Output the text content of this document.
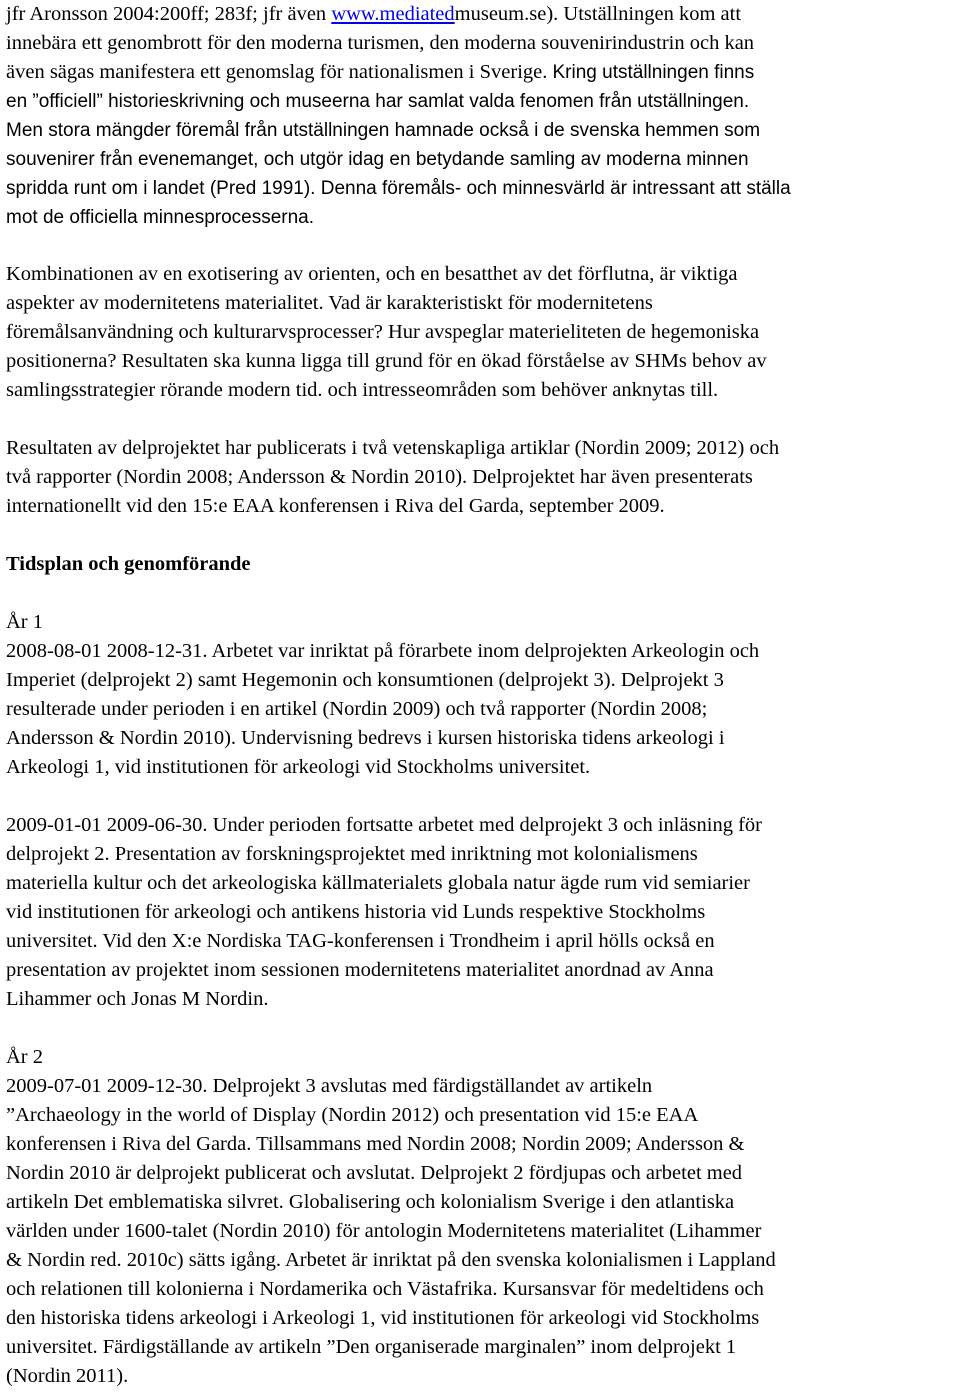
jfr Aronsson 2004:200ff; 283f; jfr även www.mediatedmuseum.se). Utställningen kom att

innebära ett genombrott för den moderna turismen, den moderna souvenirindustrin och kan

även sägas manifestera ett genomslag för nationalismen i Sverige. Kring utställningen finns

en ”officiell” historieskrivning och museerna har samlat valda fenomen från utställningen.

Men stora mängder föremål från utställningen hamnade också i de svenska hemmen som

souvenirer från evenemanget, och utgör idag en betydande samling av moderna minnen

spridda runt om i landet (Pred 1991). Denna föremåls- och minnesvärld är intressant att ställa

mot de officiella minnesprocesserna.

Kombinationen av en exotisering av orienten, och en besatthet av det förflutna, är viktiga

aspekter av modernitetens materialitet. Vad är karakteristiskt för modernitetens

föremålsanvändning och kulturarvsprocesser? Hur avspeglar materieliteten de hegemoniska

positionerna? Resultaten ska kunna ligga till grund för en ökad förståelse av SHMs behov av

samlingsstrategier rörande modern tid. och intresseområden som behöver anknytas till.

Resultaten av delprojektet har publicerats i två vetenskapliga artiklar (Nordin 2009; 2012) och

två rapporter (Nordin 2008; Andersson & Nordin 2010). Delprojektet har även presenterats

internationellt vid den 15:e EAA konferensen i Riva del Garda, september 2009.

Tidsplan och genomförande

År 1

2008-08-01 2008-12-31. Arbetet var inriktat på förarbete inom delprojekten Arkeologin och

Imperiet (delprojekt 2) samt Hegemonin och konsumtionen (delprojekt 3). Delprojekt 3

resulterade under perioden i en artikel (Nordin 2009) och två rapporter (Nordin 2008;

Andersson & Nordin 2010). Undervisning bedrevs i kursen historiska tidens arkeologi i

Arkeologi 1, vid institutionen för arkeologi vid Stockholms universitet.

2009-01-01 2009-06-30. Under perioden fortsatte arbetet med delprojekt 3 och inläsning för

delprojekt 2. Presentation av forskningsprojektet med inriktning mot kolonialismens

materiella kultur och det arkeologiska källmaterialets globala natur ägde rum vid semiarier

vid institutionen för arkeologi och antikens historia vid Lunds respektive Stockholms

universitet. Vid den X:e Nordiska TAG-konferensen i Trondheim i april hölls också en

presentation av projektet inom sessionen modernitetens materialitet anordnad av Anna

Lihammer och Jonas M Nordin.

År 2

2009-07-01 2009-12-30. Delprojekt 3 avslutas med färdigställandet av artikeln

”Archaeology in the world of Display (Nordin 2012) och presentation vid 15:e EAA

konferensen i Riva del Garda. Tillsammans med Nordin 2008; Nordin 2009; Andersson &

Nordin 2010 är delprojekt publicerat och avslutat. Delprojekt 2 fördjupas och arbetet med

artikeln Det emblematiska silvret. Globalisering och kolonialism Sverige i den atlantiska

världen under 1600-talet (Nordin 2010) för antologin Modernitetens materialitet (Lihammer

& Nordin red. 2010c) sätts igång. Arbetet är inriktat på den svenska kolonialismen i Lappland

och relationen till kolonierna i Nordamerika och Västafrika. Kursansvar för medeltidens och

den historiska tidens arkeologi i Arkeologi 1, vid institutionen för arkeologi vid Stockholms

universitet. Färdigställande av artikeln ”Den organiserade marginalen” inom delprojekt 1

(Nordin 2011).
